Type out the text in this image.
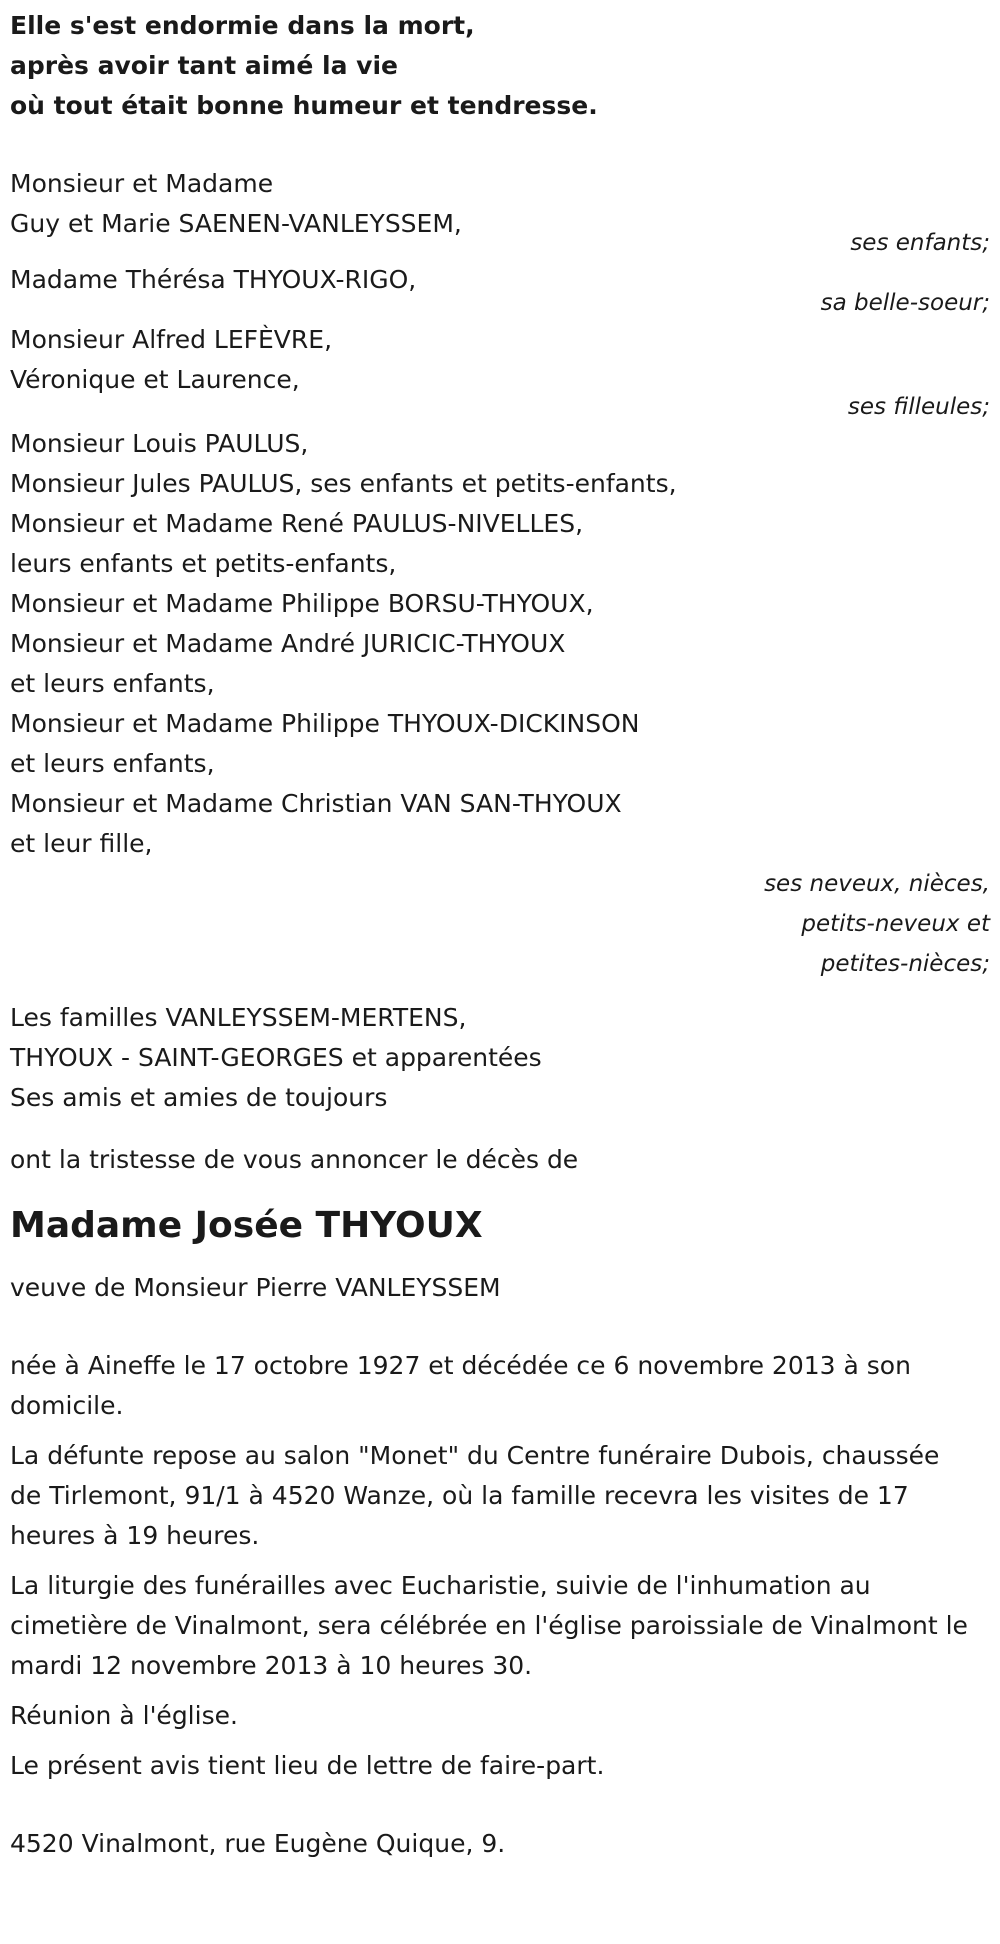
Elle s'est endormie dans la mort,
après avoir tant aimé la vie
où tout était bonne humeur et tendresse.
Monsieur et Madame
Guy et Marie SAENEN-VANLEYSSEM,
ses enfants;
Madame Thérésa THYOUX-RIGO,
sa belle-soeur;
Monsieur Alfred LEFÈVRE,
Véronique et Laurence,
ses filleules;
Monsieur Louis PAULUS,
Monsieur Jules PAULUS, ses enfants et petits-enfants,
Monsieur et Madame René PAULUS-NIVELLES,
leurs enfants et petits-enfants,
Monsieur et Madame Philippe BORSU-THYOUX,
Monsieur et Madame André JURICIC-THYOUX
et leurs enfants,
Monsieur et Madame Philippe THYOUX-DICKINSON
et leurs enfants,
Monsieur et Madame Christian VAN SAN-THYOUX
et leur fille,
ses neveux, nièces,
petits-neveux et
petites-nièces;
Les familles VANLEYSSEM-MERTENS,
THYOUX - SAINT-GEORGES et apparentées
Ses amis et amies de toujours
ont la tristesse de vous annoncer le décès de
Madame Josée THYOUX
veuve de Monsieur Pierre VANLEYSSEM
née à Aineffe le 17 octobre 1927 et décédée ce 6 novembre 2013 à son domicile.
La défunte repose au salon "Monet" du Centre funéraire Dubois, chaussée de Tirlemont, 91/1 à 4520 Wanze, où la famille recevra les visites de 17 heures à 19 heures.
La liturgie des funérailles avec Eucharistie, suivie de l'inhumation au cimetière de Vinalmont, sera célébrée en l'église paroissiale de Vinalmont le mardi 12 novembre 2013 à 10 heures 30.
Réunion à l'église.
Le présent avis tient lieu de lettre de faire-part.
4520 Vinalmont, rue Eugène Quique, 9.
